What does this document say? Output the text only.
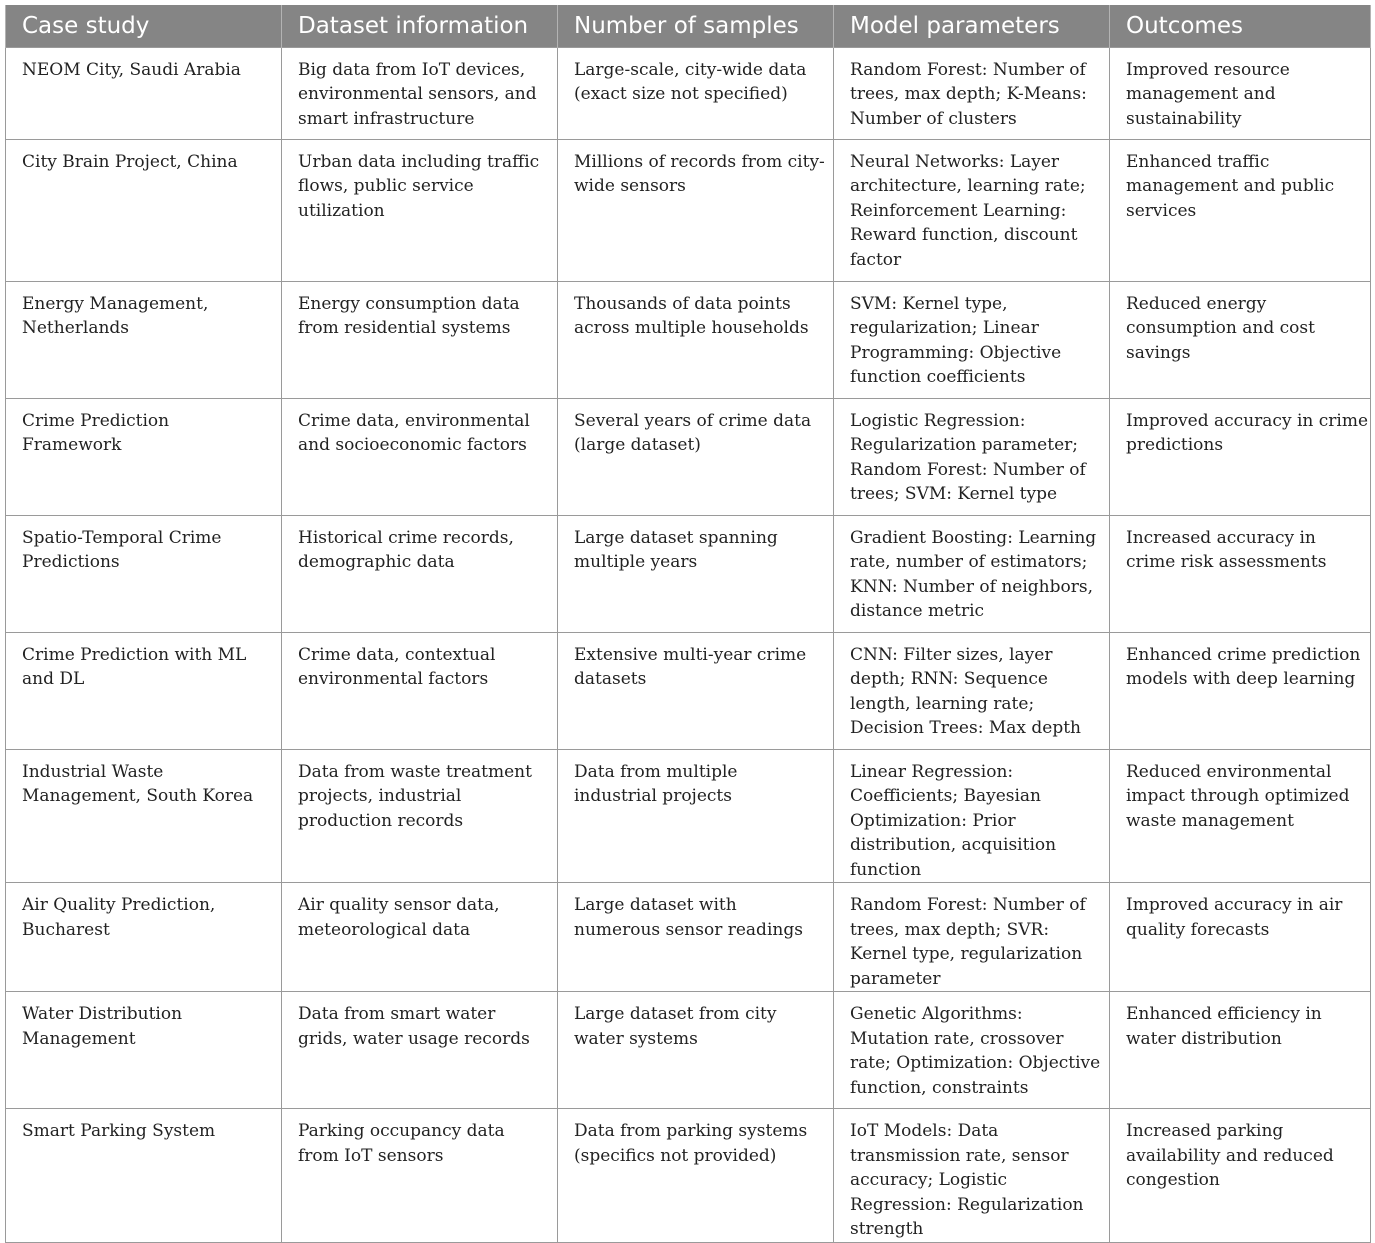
Case study	Dataset information	Number of samples	Model parameters	Outcomes
NEOM City, Saudi Arabia	Big data from IoT devices, environmental sensors, and smart infrastructure	Large-scale, city-wide data (exact size not specified)	Random Forest: Number of trees, max depth; K-Means: Number of clusters	Improved resource management and sustainability
City Brain Project, China	Urban data including traffic flows, public service utilization	Millions of records from city-wide sensors	Neural Networks: Layer architecture, learning rate; Reinforcement Learning: Reward function, discount factor	Enhanced traffic management and public services
Energy Management, Netherlands	Energy consumption data from residential systems	Thousands of data points across multiple households	SVM: Kernel type, regularization; Linear Programming: Objective function coefficients	Reduced energy consumption and cost savings
Crime Prediction Framework	Crime data, environmental and socioeconomic factors	Several years of crime data (large dataset)	Logistic Regression: Regularization parameter; Random Forest: Number of trees; SVM: Kernel type	Improved accuracy in crime predictions
Spatio-Temporal Crime Predictions	Historical crime records, demographic data	Large dataset spanning multiple years	Gradient Boosting: Learning rate, number of estimators; KNN: Number of neighbors, distance metric	Increased accuracy in crime risk assessments
Crime Prediction with ML and DL	Crime data, contextual environmental factors	Extensive multi-year crime datasets	CNN: Filter sizes, layer depth; RNN: Sequence length, learning rate; Decision Trees: Max depth	Enhanced crime prediction models with deep learning
Industrial Waste Management, South Korea	Data from waste treatment projects, industrial production records	Data from multiple industrial projects	Linear Regression: Coefficients; Bayesian Optimization: Prior distribution, acquisition function	Reduced environmental impact through optimized waste management
Air Quality Prediction, Bucharest	Air quality sensor data, meteorological data	Large dataset with numerous sensor readings	Random Forest: Number of trees, max depth; SVR: Kernel type, regularization parameter	Improved accuracy in air quality forecasts
Water Distribution Management	Data from smart water grids, water usage records	Large dataset from city water systems	Genetic Algorithms: Mutation rate, crossover rate; Optimization: Objective function, constraints	Enhanced efficiency in water distribution
Smart Parking System	Parking occupancy data from IoT sensors	Data from parking systems (specifics not provided)	IoT Models: Data transmission rate, sensor accuracy; Logistic Regression: Regularization strength	Increased parking availability and reduced congestion
